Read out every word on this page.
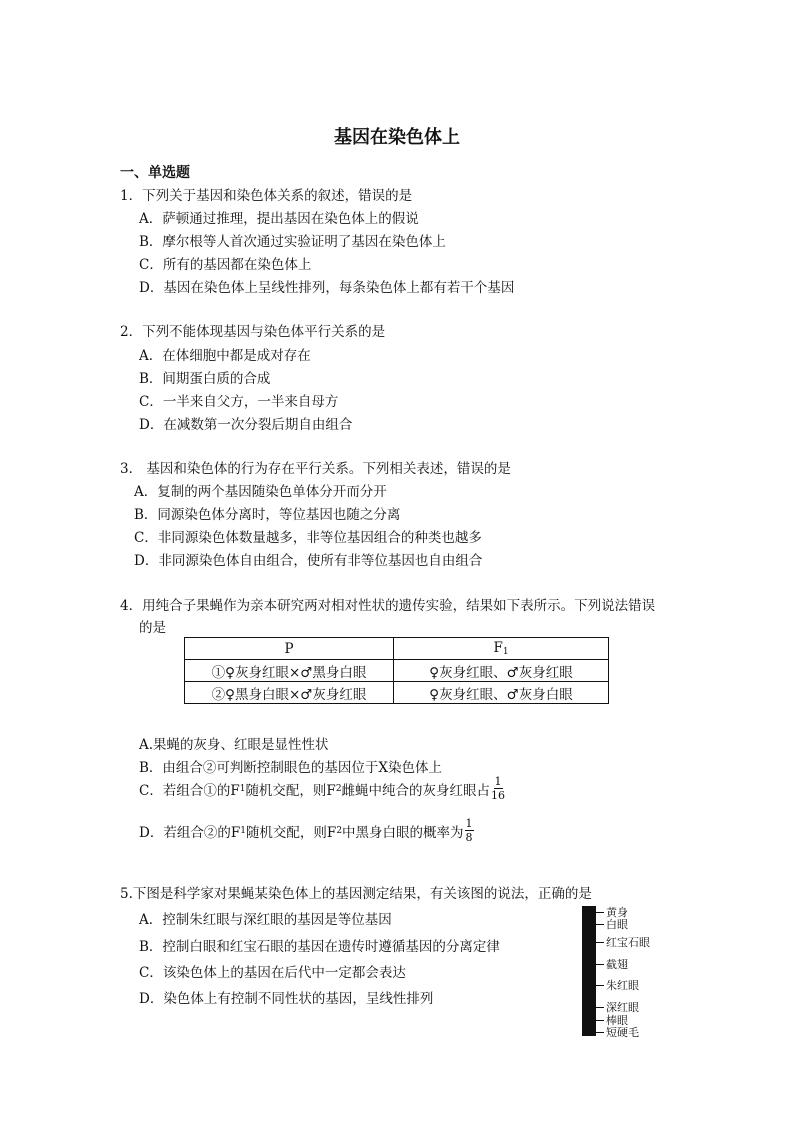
基因在染色体上
一、单选题
1．下列关于基因和染色体关系的叙述，错误的是
A．萨顿通过推理，提出基因在染色体上的假说
B．摩尔根等人首次通过实验证明了基因在染色体上
C．所有的基因都在染色体上
D．基因在染色体上呈线性排列，每条染色体上都有若干个基因
2．下列不能体现基因与染色体平行关系的是
A．在体细胞中都是成对存在
B．间期蛋白质的合成
C．一半来自父方，一半来自母方
D．在减数第一次分裂后期自由组合
3． 基因和染色体的行为存在平行关系。下列相关表述，错误的是
A．复制的两个基因随染色单体分开而分开
B．同源染色体分离时，等位基因也随之分离
C．非同源染色体数量越多，非等位基因组合的种类也越多
D．非同源染色体自由组合，使所有非等位基因也自由组合
4．用纯合子果蝇作为亲本研究两对相对性状的遗传实验，结果如下表所示。下列说法错误
的是
P	$F_1$
①♀灰身红眼×♂黑身白眼	♀灰身红眼、♂灰身红眼
②♀黑身白眼×♂灰身红眼	♀灰身红眼、♂灰身白眼
A.果蝇的灰身、红眼是显性性状
B．由组合②可判断控制眼色的基因位于X染色体上
C．若组合①的F 1 随机交配，则F 2 雌蝇中纯合的灰身红眼占 $\frac{1}{16}$
D．若组合②的F 1 随机交配，则F 2 中黑身白眼的概率为 $\frac{1}{8}$
5.下图是科学家对果蝇某染色体上的基因测定结果，有关该图的说法，正确的是
A．控制朱红眼与深红眼的基因是等位基因
B．控制白眼和红宝石眼的基因在遗传时遵循基因的分离定律
C．该染色体上的基因在后代中一定都会表达
D．染色体上有控制不同性状的基因，呈线性排列
黄身
白眼
红宝石眼
截翅
朱红眼
深红眼
棒眼
短硬毛
